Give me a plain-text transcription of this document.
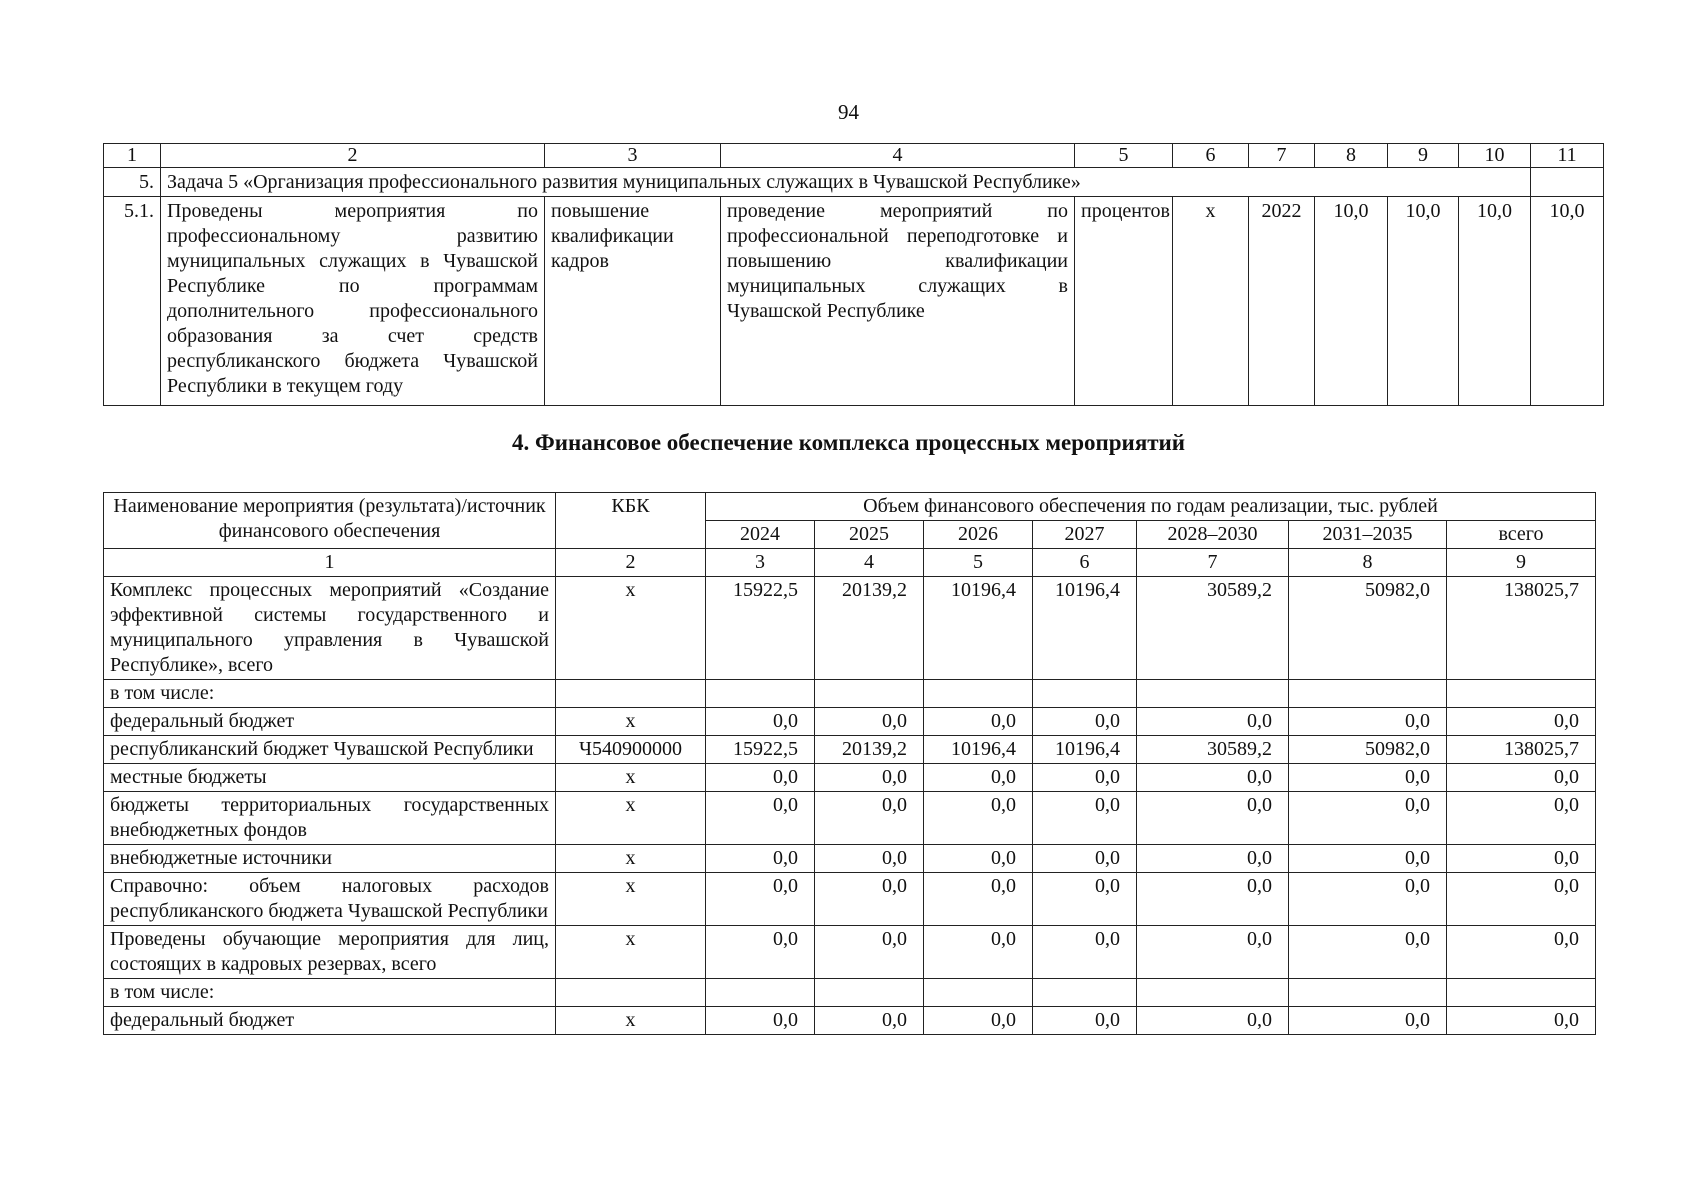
94
1	2	3	4	5	6	7	8	9	10	11
5.	Задача 5 «Организация профессионального развития муниципальных служащих в Чувашской Республике»									
5.1.	Проведены мероприятия по профессиональному развитию муниципальных служащих в Чувашской Республике по программам дополнительного профессионального образования за счет средств республиканского бюджета Чувашской Республики в текущем году	повышение квалификации кадров	проведение мероприятий по профессиональной переподготовке и повышению квалификации муниципальных служащих в Чувашской Республике	процентов	х	2022	10,0	10,0	10,0	10,0
4. Финансовое обеспечение комплекса процессных мероприятий
Наименование мероприятия (результата)/источник финансового обеспечения	КБК	Объем финансового обеспечения по годам реализации, тыс. рублей						
		2024	2025	2026	2027	2028–2030	2031–2035	всего
1	2	3	4	5	6	7	8	9
Комплекс процессных мероприятий «Создание эффективной системы государственного и муниципального управления в Чувашской Республике», всего	х	15922,5	20139,2	10196,4	10196,4	30589,2	50982,0	138025,7
в том числе:								
федеральный бюджет	х	0,0	0,0	0,0	0,0	0,0	0,0	0,0
республиканский бюджет Чувашской Республики	Ч540900000	15922,5	20139,2	10196,4	10196,4	30589,2	50982,0	138025,7
местные бюджеты	х	0,0	0,0	0,0	0,0	0,0	0,0	0,0
бюджеты территориальных государственных внебюджетных фондов	х	0,0	0,0	0,0	0,0	0,0	0,0	0,0
внебюджетные источники	х	0,0	0,0	0,0	0,0	0,0	0,0	0,0
Справочно: объем налоговых расходов республиканского бюджета Чувашской Республики	х	0,0	0,0	0,0	0,0	0,0	0,0	0,0
Проведены обучающие мероприятия для лиц, состоящих в кадровых резервах, всего	х	0,0	0,0	0,0	0,0	0,0	0,0	0,0
в том числе:								
федеральный бюджет	х	0,0	0,0	0,0	0,0	0,0	0,0	0,0
